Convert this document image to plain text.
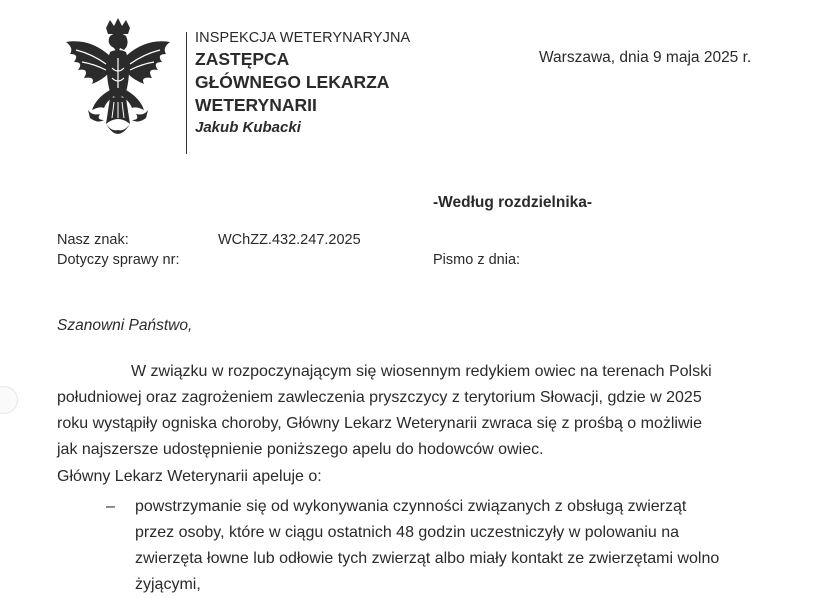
INSPEKCJA WETERYNARYJNA
ZASTĘPCA
GŁÓWNEGO LEKARZA
WETERYNARII
Jakub Kubacki
Warszawa, dnia 9 maja 2025 r.
-Według rozdzielnika-
Nasz znak:	WChZZ.432.247.2025
Dotyczy sprawy nr:	Pismo z dnia:
Szanowni Państwo,
W związku w rozpoczynającym się wiosennym redykiem owiec na terenach Polski
południowej oraz zagrożeniem zawleczenia pryszczycy z terytorium Słowacji, gdzie w 2025
roku wystąpiły ogniska choroby, Główny Lekarz Weterynarii zwraca się z prośbą o możliwie
jak najszersze udostępnienie poniższego apelu do hodowców owiec.
Główny Lekarz Weterynarii apeluje o:
– powstrzymanie się od wykonywania czynności związanych z obsługą zwierząt
przez osoby, które w ciągu ostatnich 48 godzin uczestniczyły w polowaniu na
zwierzęta łowne lub odłowie tych zwierząt albo miały kontakt ze zwierzętami wolno
żyjącymi,
